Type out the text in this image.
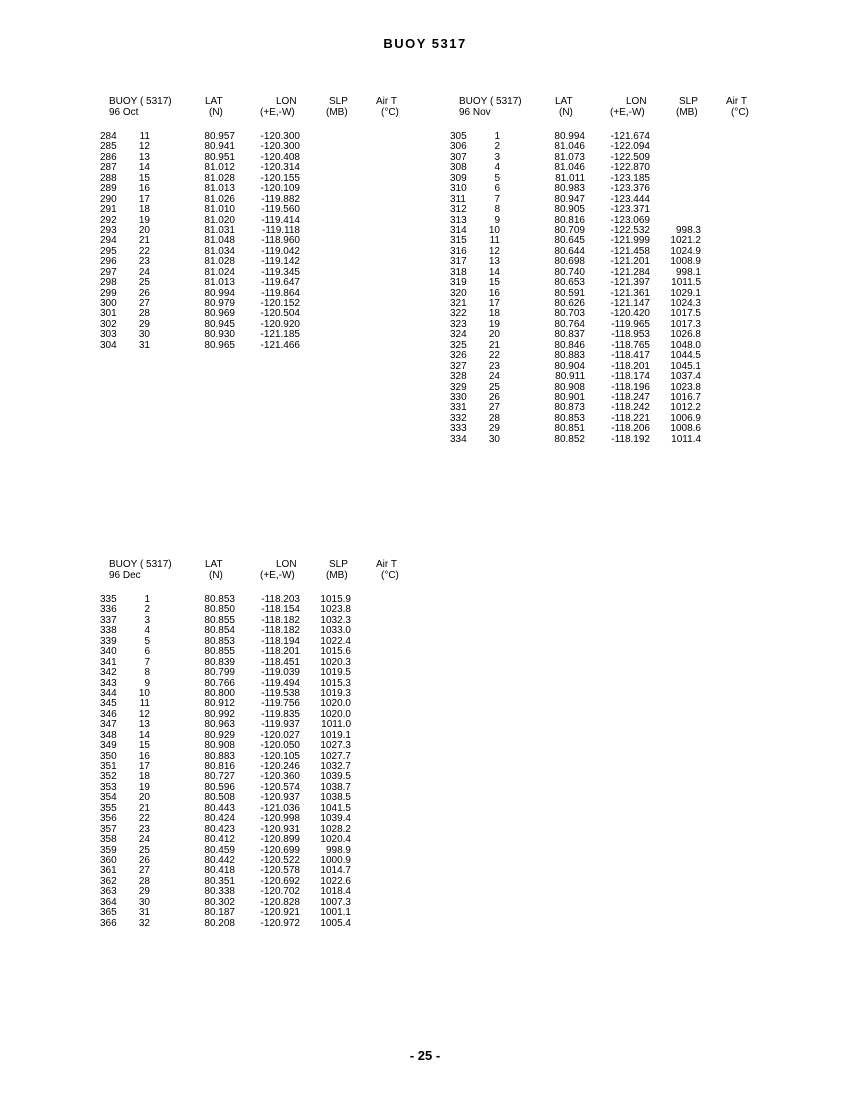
BUOY 5317
BUOY ( 5317)	LAT
(N)
LON
(+E,-W)
SLP
(MB)
Air T
(°C)
96 Oct
284	11	80.957	-120.300
285	12	80.941	-120.300
286	13	80.951	-120.408
287	14	81.012	-120.314
288	15	81.028	-120.155
289	16	81.013	-120.109
290	17	81.026	-119.882
291	18	81.010	-119.560
292	19	81.020	-119.414
293	20	81.031	-119.118
294	21	81.048	-118.960
295	22	81.034	-119.042
296	23	81.028	-119.142
297	24	81.024	-119.345
298	25	81.013	-119.647
299	26	80.994	-119.864
300	27	80.979	-120.152
301	28	80.969	-120.504
302	29	80.945	-120.920
303	30	80.930	-121.185
304	31	80.965	-121.466
BUOY ( 5317)	LAT
(N)
LON
(+E,-W)
SLP
(MB)
Air T
(°C)
96 Nov
305	1	80.994	-121.674
306	2	81.046	-122.094
307	3	81.073	-122.509
308	4	81.046	-122.870
309	5	81.011	-123.185
310	6	80.983	-123.376
311	7	80.947	-123.444
312	8	80.905	-123.371
313	9	80.816	-123.069
314	10	80.709	-122.532	998.3
315	11	80.645	-121.999	1021.2
316	12	80.644	-121.458	1024.9
317	13	80.698	-121.201	1008.9
318	14	80.740	-121.284	998.1
319	15	80.653	-121.397	1011.5
320	16	80.591	-121.361	1029.1
321	17	80.626	-121.147	1024.3
322	18	80.703	-120.420	1017.5
323	19	80.764	-119.965	1017.3
324	20	80.837	-118.953	1026.8
325	21	80.846	-118.765	1048.0
326	22	80.883	-118.417	1044.5
327	23	80.904	-118.201	1045.1
328	24	80.911	-118.174	1037.4
329	25	80.908	-118.196	1023.8
330	26	80.901	-118.247	1016.7
331	27	80.873	-118.242	1012.2
332	28	80.853	-118.221	1006.9
333	29	80.851	-118.206	1008.6
334	30	80.852	-118.192	1011.4
BUOY ( 5317)	LAT
(N)
LON
(+E,-W)
SLP
(MB)
Air T
(°C)
96 Dec
335	1	80.853	-118.203	1015.9
336	2	80.850	-118.154	1023.8
337	3	80.855	-118.182	1032.3
338	4	80.854	-118.182	1033.0
339	5	80.853	-118.194	1022.4
340	6	80.855	-118.201	1015.6
341	7	80.839	-118.451	1020.3
342	8	80.799	-119.039	1019.5
343	9	80.766	-119.494	1015.3
344	10	80.800	-119.538	1019.3
345	11	80.912	-119.756	1020.0
346	12	80.992	-119.835	1020.0
347	13	80.963	-119.937	1011.0
348	14	80.929	-120.027	1019.1
349	15	80.908	-120.050	1027.3
350	16	80.883	-120.105	1027.7
351	17	80.816	-120.246	1032.7
352	18	80.727	-120.360	1039.5
353	19	80.596	-120.574	1038.7
354	20	80.508	-120.937	1038.5
355	21	80.443	-121.036	1041.5
356	22	80.424	-120.998	1039.4
357	23	80.423	-120.931	1028.2
358	24	80.412	-120.899	1020.4
359	25	80.459	-120.699	998.9
360	26	80.442	-120.522	1000.9
361	27	80.418	-120.578	1014.7
362	28	80.351	-120.692	1022.6
363	29	80.338	-120.702	1018.4
364	30	80.302	-120.828	1007.3
365	31	80.187	-120.921	1001.1
366	32	80.208	-120.972	1005.4
- 25 -
